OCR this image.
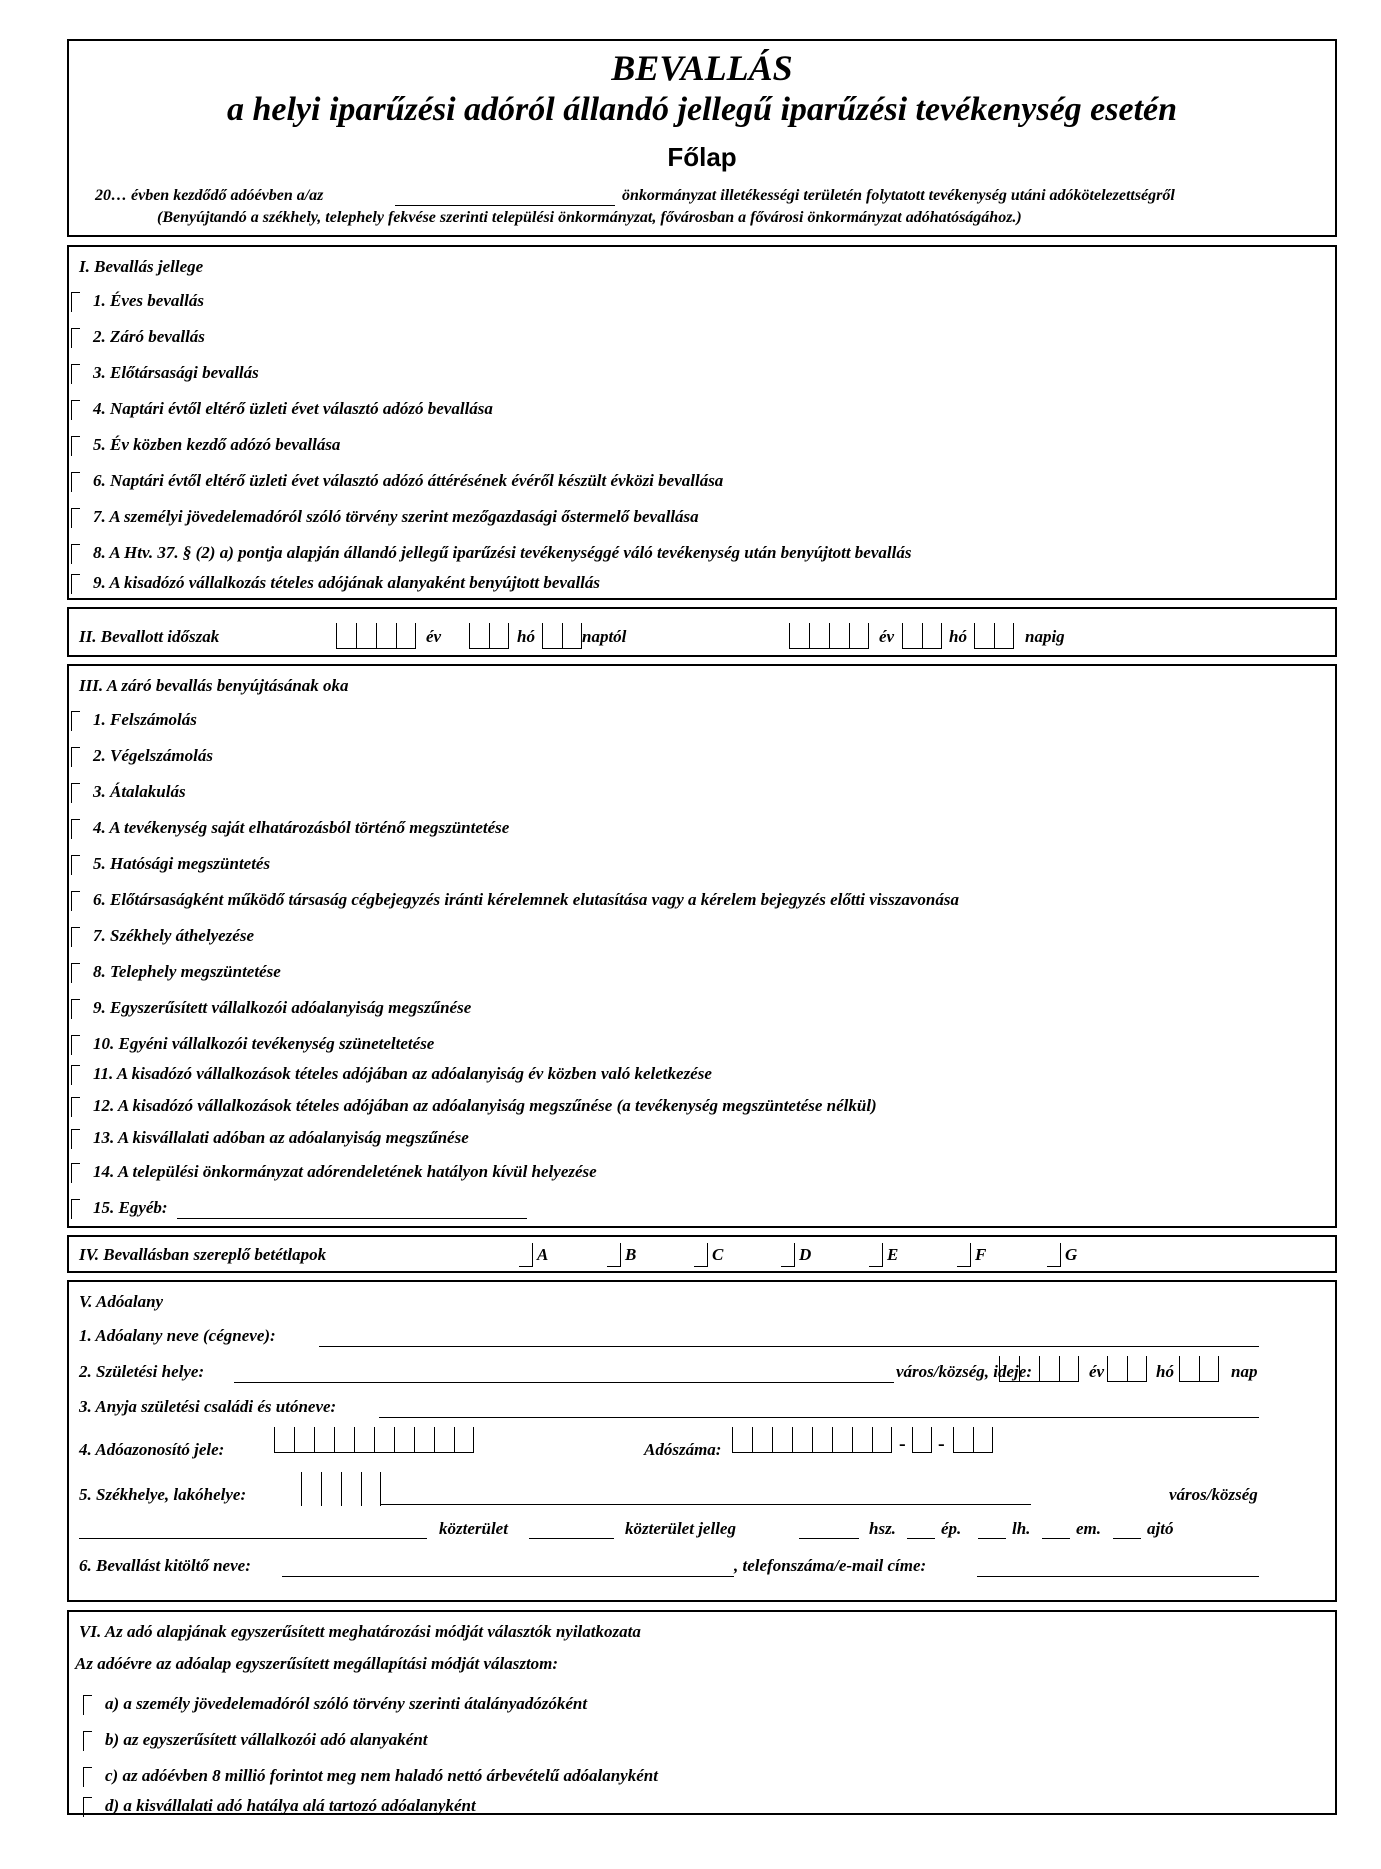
BEVALLÁS
a helyi iparűzési adóról állandó jellegű iparűzési tevékenység esetén
Főlap
20… évben kezdődő adóévben a/az	önkormányzat illetékességi területén folytatott tevékenység utáni adókötelezettségről
(Benyújtandó a székhely, telephely fekvése szerinti települési önkormányzat, fővárosban a fővárosi önkormányzat adóhatóságához.)
I. Bevallás jellege
1. Éves bevallás
2. Záró bevallás
3. Előtársasági bevallás
4. Naptári évtől eltérő üzleti évet választó adózó bevallása
5. Év közben kezdő adózó bevallása
6. Naptári évtől eltérő üzleti évet választó adózó áttérésének évéről készült évközi bevallása
7. A személyi jövedelemadóról szóló törvény szerint mezőgazdasági őstermelő bevallása
8. A Htv. 37. § (2) a) pontja alapján állandó jellegű iparűzési tevékenységgé váló tevékenység után benyújtott bevallás
9. A kisadózó vállalkozás tételes adójának alanyaként benyújtott bevallás
II. Bevallott időszak	év	hó	naptól	év	hó	napig
III. A záró bevallás benyújtásának oka
1. Felszámolás
2. Végelszámolás
3. Átalakulás
4. A tevékenység saját elhatározásból történő megszüntetése
5. Hatósági megszüntetés
6. Előtársaságként működő társaság cégbejegyzés iránti kérelemnek elutasítása vagy a kérelem bejegyzés előtti visszavonása
7. Székhely áthelyezése
8. Telephely megszüntetése
9. Egyszerűsített vállalkozói adóalanyiság megszűnése
10. Egyéni vállalkozói tevékenység szüneteltetése
11. A kisadózó vállalkozások tételes adójában az adóalanyiság év közben való keletkezése
12. A kisadózó vállalkozások tételes adójában az adóalanyiság megszűnése (a tevékenység megszüntetése nélkül)
13. A kisvállalati adóban az adóalanyiság megszűnése
14. A települési önkormányzat adórendeletének hatályon kívül helyezése
15. Egyéb:
IV. Bevallásban szereplő betétlapok	A	B	C	D	E	F	G
V. Adóalany
1. Adóalany neve (cégneve):
2. Születési helye:	város/község, ideje:	év	hó	nap
3. Anyja születési családi és utóneve:
4. Adóazonosító jele:	Adószáma:	- -
5. Székhelye, lakóhelye:	város/község
közterület	közterület jelleg	hsz.	ép.	lh.	em.	ajtó
6. Bevallást kitöltő neve:	, telefonszáma/e-mail címe:
VI. Az adó alapjának egyszerűsített meghatározási módját választók nyilatkozata
Az adóévre az adóalap egyszerűsített megállapítási módját választom:
a) a személy jövedelemadóról szóló törvény szerinti átalányadózóként
b) az egyszerűsített vállalkozói adó alanyaként
c) az adóévben 8 millió forintot meg nem haladó nettó árbevételű adóalanyként
d) a kisvállalati adó hatálya alá tartozó adóalanyként
